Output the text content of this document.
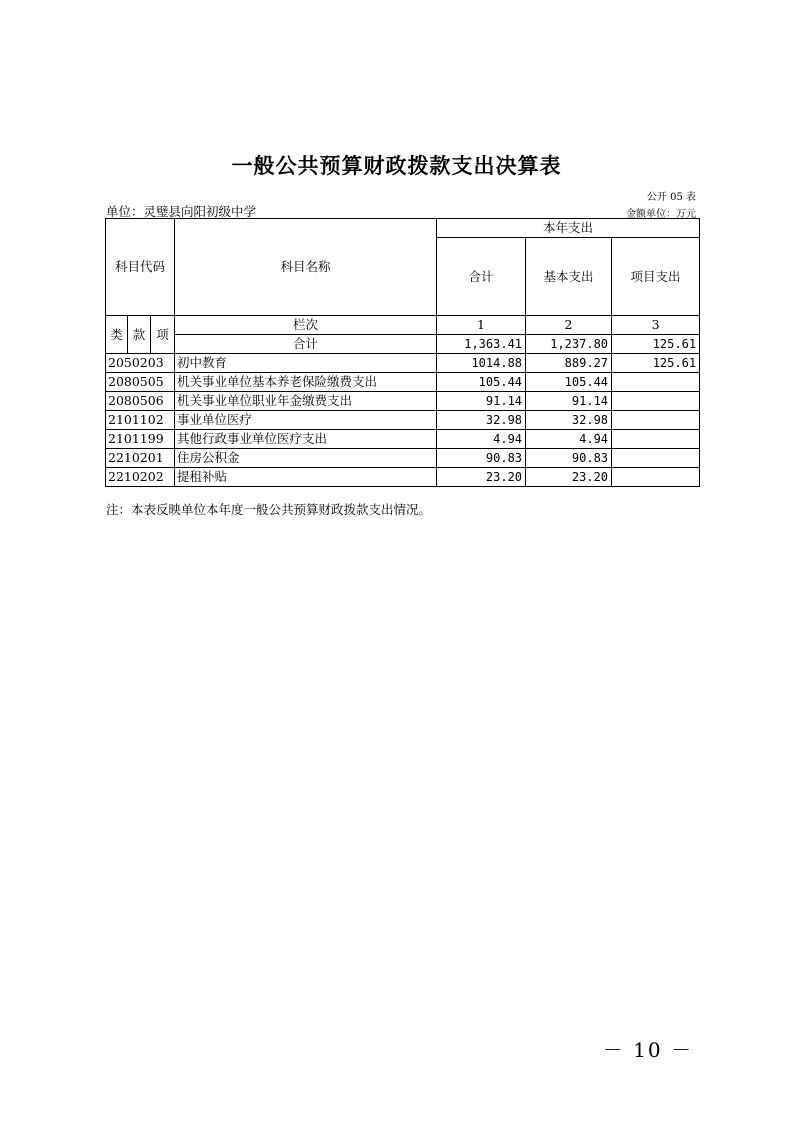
一般公共预算财政拨款支出决算表
公开 05 表
单位：灵璧县向阳初级中学	金额单位：万元
科目代码			科目名称	本年支出		
				合计	基本支出	项目支出

类	款	项	栏次	1	2	3
			合计	1,363.41	1,237.80	125.61
2050203			初中教育	1014.88	889.27	125.61
2080505			机关事业单位基本养老保险缴费支出	105.44	105.44	
2080506			机关事业单位职业年金缴费支出	91.14	91.14	
2101102			事业单位医疗	32.98	32.98	
2101199			其他行政事业单位医疗支出	4.94	4.94	
2210201			住房公积金	90.83	90.83	
2210202			提租补贴	23.20	23.20	
注：本表反映单位本年度一般公共预算财政拨款支出情况。
－ 10 －
